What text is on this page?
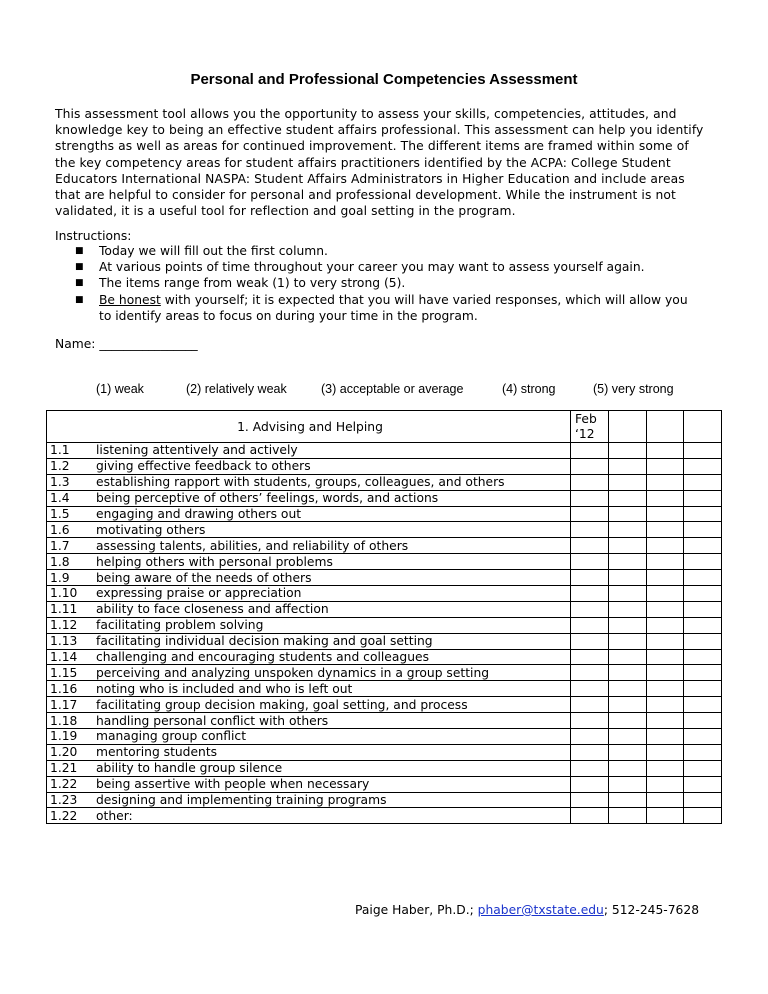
Personal and Professional Competencies Assessment
This assessment tool allows you the opportunity to assess your skills, competencies, attitudes, and
knowledge key to being an effective student affairs professional. This assessment can help you identify
strengths as well as areas for continued improvement. The different items are framed within some of
the key competency areas for student affairs practitioners identified by the ACPA: College Student
Educators International NASPA: Student Affairs Administrators in Higher Education and include areas
that are helpful to consider for personal and professional development. While the instrument is not
validated, it is a useful tool for reflection and goal setting in the program.
Instructions:
■ Today we will fill out the first column.
■ At various points of time throughout your career you may want to assess yourself again.
■ The items range from weak (1) to very strong (5).
■ Be honest with yourself; it is expected that you will have varied responses, which will allow you
to identify areas to focus on during your time in the program.
Name: ________________
(1) weak	(2) relatively weak	(3) acceptable or average	(4) strong	(5) very strong
1. Advising and Helping	Feb
‘12			
1.1 listening attentively and actively				
1.2 giving effective feedback to others				
1.3 establishing rapport with students, groups, colleagues, and others				
1.4 being perceptive of others’ feelings, words, and actions				
1.5 engaging and drawing others out				
1.6 motivating others				
1.7 assessing talents, abilities, and reliability of others				
1.8 helping others with personal problems				
1.9 being aware of the needs of others				
1.10 expressing praise or appreciation				
1.11 ability to face closeness and affection				
1.12 facilitating problem solving				
1.13 facilitating individual decision making and goal setting				
1.14 challenging and encouraging students and colleagues				
1.15 perceiving and analyzing unspoken dynamics in a group setting				
1.16 noting who is included and who is left out				
1.17 facilitating group decision making, goal setting, and process				
1.18 handling personal conflict with others				
1.19 managing group conflict				
1.20 mentoring students				
1.21 ability to handle group silence				
1.22 being assertive with people when necessary				
1.23 designing and implementing training programs				
1.22 other:				
Paige Haber, Ph.D.; phaber@txstate.edu; 512-245-7628
